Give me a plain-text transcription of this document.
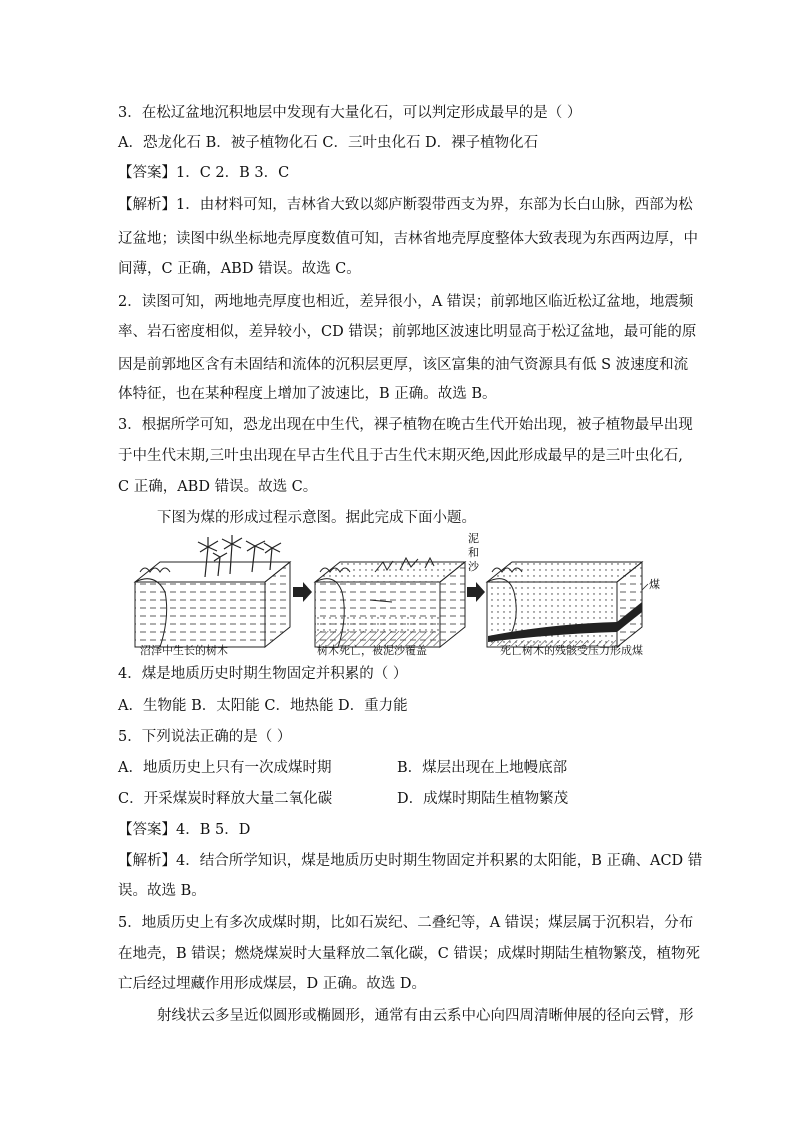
3．在松辽盆地沉积地层中发现有大量化石，可以判定形成最早的是（ ）
A．恐龙化石 B．被子植物化石 C．三叶虫化石 D．裸子植物化石
【答案】1．C 2．B 3．C
【解析】1．由材料可知，吉林省大致以郯庐断裂带西支为界，东部为长白山脉，西部为松
辽盆地；读图中纵坐标地壳厚度数值可知，吉林省地壳厚度整体大致表现为东西两边厚，中
间薄，C 正确，ABD 错误。故选 C。
2．读图可知，两地地壳厚度也相近，差异很小，A 错误；前郭地区临近松辽盆地，地震频
率、岩石密度相似，差异较小，CD 错误；前郭地区波速比明显高于松辽盆地，最可能的原
因是前郭地区含有未固结和流体的沉积层更厚，该区富集的油气资源具有低 S 波速度和流
体特征，也在某种程度上增加了波速比，B 正确。故选 B。
3．根据所学可知，恐龙出现在中生代，裸子植物在晚古生代开始出现，被子植物最早出现
于中生代末期,三叶虫出现在早古生代且于古生代末期灭绝,因此形成最早的是三叶虫化石,
C 正确，ABD 错误。故选 C。
下图为煤的形成过程示意图。据此完成下面小题。
泥
和
沙
煤
沼泽中生长的树木	树木死亡，被泥沙覆盖	死亡树木的残骸受压力形成煤
4．煤是地质历史时期生物固定并积累的（ ）
A．生物能 B．太阳能 C．地热能 D．重力能
5．下列说法正确的是（ ）
A．地质历史上只有一次成煤时期	B．煤层出现在上地幔底部
C．开采煤炭时释放大量二氧化碳	D．成煤时期陆生植物繁茂
【答案】4．B 5．D
【解析】4．结合所学知识，煤是地质历史时期生物固定并积累的太阳能，B 正确、ACD 错
误。故选 B。
5．地质历史上有多次成煤时期，比如石炭纪、二叠纪等，A 错误；煤层属于沉积岩，分布
在地壳，B 错误；燃烧煤炭时大量释放二氧化碳，C 错误；成煤时期陆生植物繁茂，植物死
亡后经过埋藏作用形成煤层，D 正确。故选 D。
射线状云多呈近似圆形或椭圆形，通常有由云系中心向四周清晰伸展的径向云臂，形
